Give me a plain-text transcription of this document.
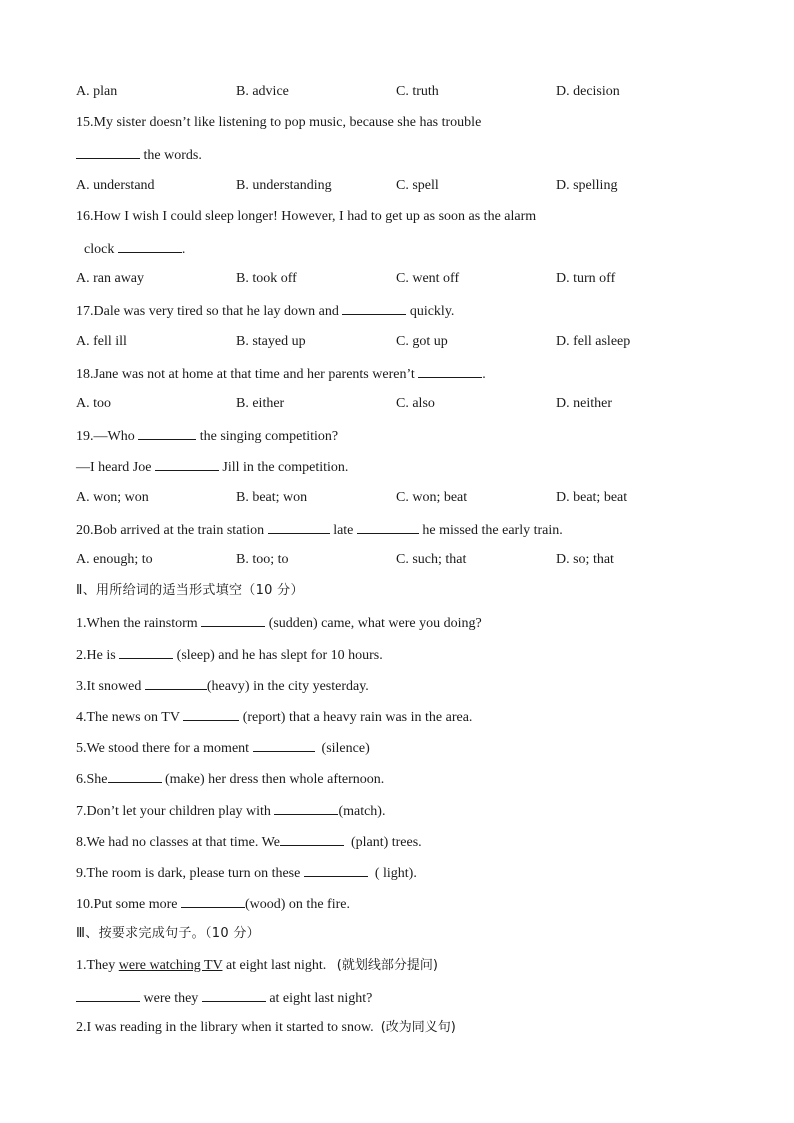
A. plan	B. advice	C. truth	D. decision
15.My sister doesn’t like listening to pop music, because she has trouble
the words.
A. understand	B. understanding	C. spell	D. spelling
16.How I wish I could sleep longer! However, I had to get up as soon as the alarm
clock	.
A. ran away	B. took off	C. went off	D. turn off
17.Dale was very tired so that he lay down and	quickly.
A. fell ill	B. stayed up	C. got up	D. fell asleep
18.Jane was not at home at that time and her parents weren’t	.
A. too	B. either	C. also	D. neither
19.—Who	the singing competition?
—I heard Joe	Jill in the competition.
A. won; won	B. beat; won	C. won; beat	D. beat; beat
20.Bob arrived at the train station	late	he missed the early train.
A. enough; to	B. too; to	C. such; that	D. so; that
Ⅱ、用所给词的适当形式填空（10 分）
1.When the rainstorm	(sudden) came, what were you doing?
2.He is	(sleep) and he has slept for 10 hours.
3.It snowed	(heavy) in the city yesterday.
4.The news on TV	(report) that a heavy rain was in the area.
5.We stood there for a moment	(silence)
6.She	(make) her dress then whole afternoon.
7.Don’t let your children play with	(match).
8.We had no classes at that time. We	(plant) trees.
9.The room is dark, please turn on these	( light).
10.Put some more	(wood) on the fire.
Ⅲ、按要求完成句子。（10 分）
1.They were watching TV at eight last night.   (就划线部分提问)
were they	at eight last night?
2.I was reading in the library when it started to snow.  (改为同义句)
